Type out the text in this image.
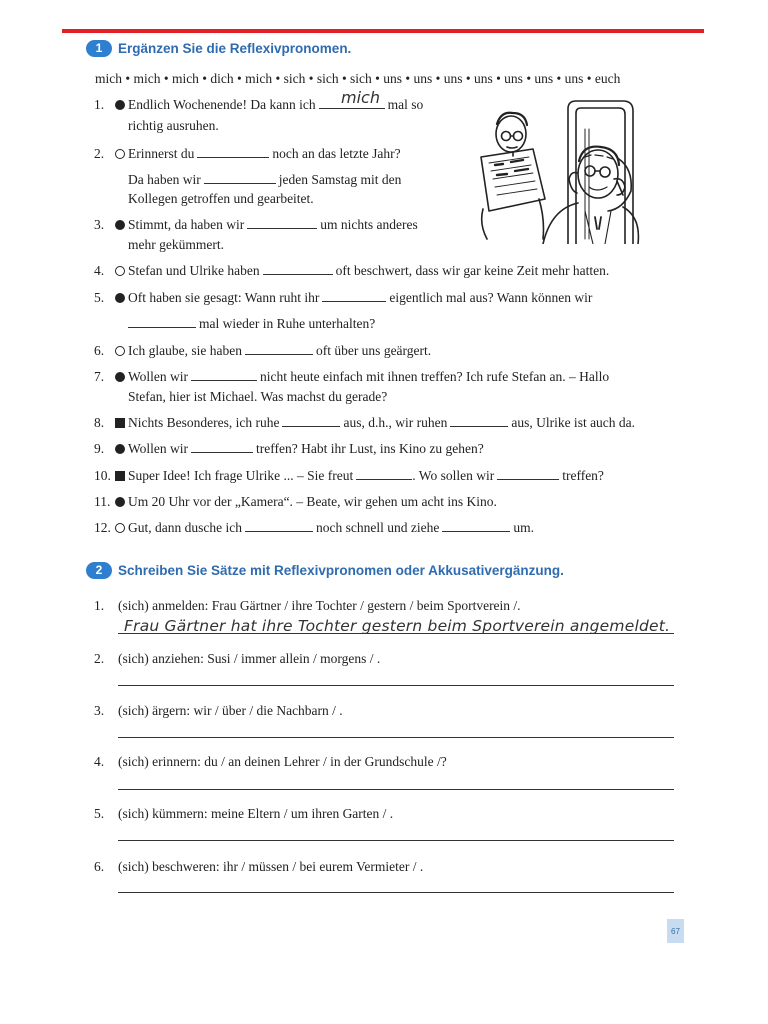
1	Ergänzen Sie die Reflexivpronomen.
mich • mich • mich • dich • mich • sich • sich • sich • uns • uns • uns • uns • uns • uns • uns • euch
1.	Endlich Wochenende! Da kann ich	mal so
mich
richtig ausruhen.
2.	Erinnerst du	noch an das letzte Jahr?
Da haben wir	jeden Samstag mit den
Kollegen getroffen und gearbeitet.
3.	Stimmt, da haben wir	um nichts anderes
mehr gekümmert.
4.	Stefan und Ulrike haben	oft beschwert, dass wir gar keine Zeit mehr hatten.
5.	Oft haben sie gesagt: Wann ruht ihr	eigentlich mal aus? Wann können wir
mal wieder in Ruhe unterhalten?
6.	Ich glaube, sie haben	oft über uns geärgert.
7.	Wollen wir	nicht heute einfach mit ihnen treffen? Ich rufe Stefan an. – Hallo
Stefan, hier ist Michael. Was machst du gerade?
8.	Nichts Besonderes, ich ruhe	aus, d.h., wir ruhen	aus, Ulrike ist auch da.
9.	Wollen wir	treffen? Habt ihr Lust, ins Kino zu gehen?
10.	Super Idee! Ich frage Ulrike ... – Sie freut	. Wo sollen wir	treffen?
11.	Um 20 Uhr vor der „Kamera“. – Beate, wir gehen um acht ins Kino.
12.	Gut, dann dusche ich	noch schnell und ziehe	um.
2	Schreiben Sie Sätze mit Reflexivpronomen oder Akkusativergänzung.
1. (sich) anmelden: Frau Gärtner / ihre Tochter / gestern / beim Sportverein /.
Frau Gärtner hat ihre Tochter gestern beim Sportverein angemeldet.
2. (sich) anziehen: Susi / immer allein / morgens / .
3. (sich) ärgern: wir / über / die Nachbarn / .
4. (sich) erinnern: du / an deinen Lehrer / in der Grundschule /?
5. (sich) kümmern: meine Eltern / um ihren Garten / .
6. (sich) beschweren: ihr / müssen / bei eurem Vermieter / .
67
